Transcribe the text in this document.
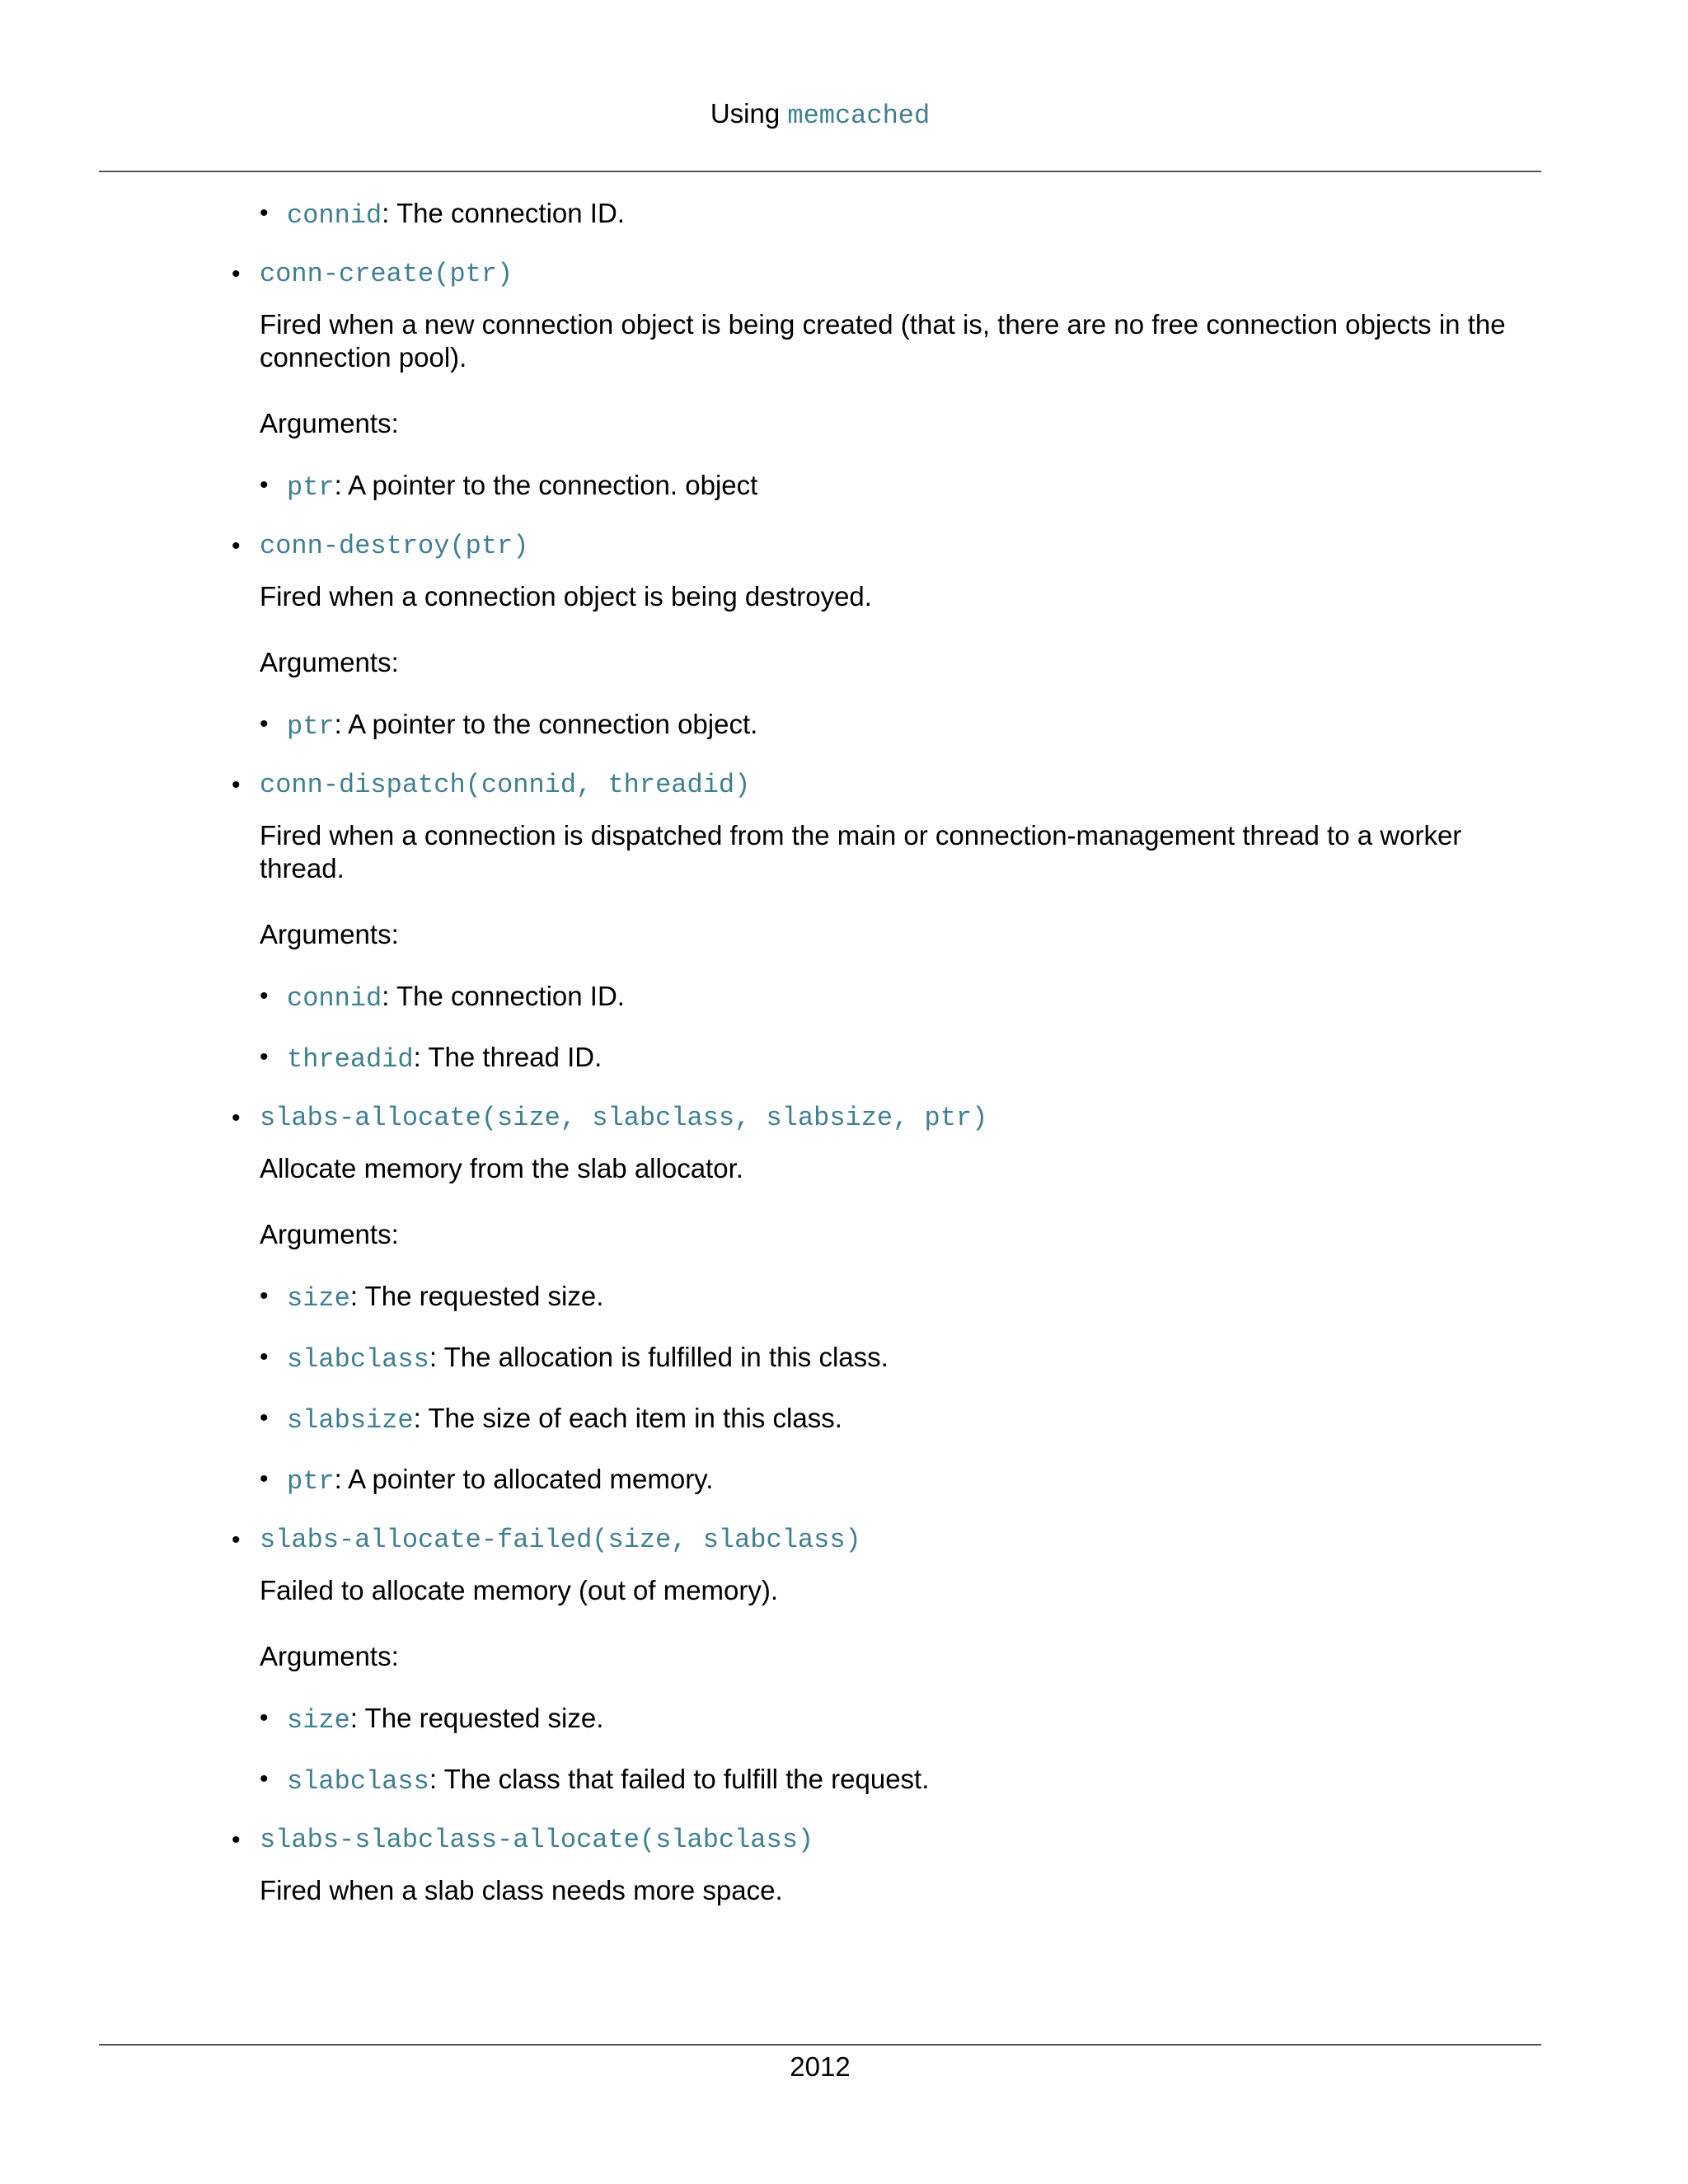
Using memcached
• connid: The connection ID.
• conn-create(ptr)
Fired when a new connection object is being created (that is, there are no free connection objects in the connection pool).
Arguments:
• ptr: A pointer to the connection. object
• conn-destroy(ptr)
Fired when a connection object is being destroyed.
Arguments:
• ptr: A pointer to the connection object.
• conn-dispatch(connid, threadid)
Fired when a connection is dispatched from the main or connection-management thread to a worker thread.
Arguments:
• connid: The connection ID.
• threadid: The thread ID.
• slabs-allocate(size, slabclass, slabsize, ptr)
Allocate memory from the slab allocator.
Arguments:
• size: The requested size.
• slabclass: The allocation is fulfilled in this class.
• slabsize: The size of each item in this class.
• ptr: A pointer to allocated memory.
• slabs-allocate-failed(size, slabclass)
Failed to allocate memory (out of memory).
Arguments:
• size: The requested size.
• slabclass: The class that failed to fulfill the request.
• slabs-slabclass-allocate(slabclass)
Fired when a slab class needs more space.
2012
